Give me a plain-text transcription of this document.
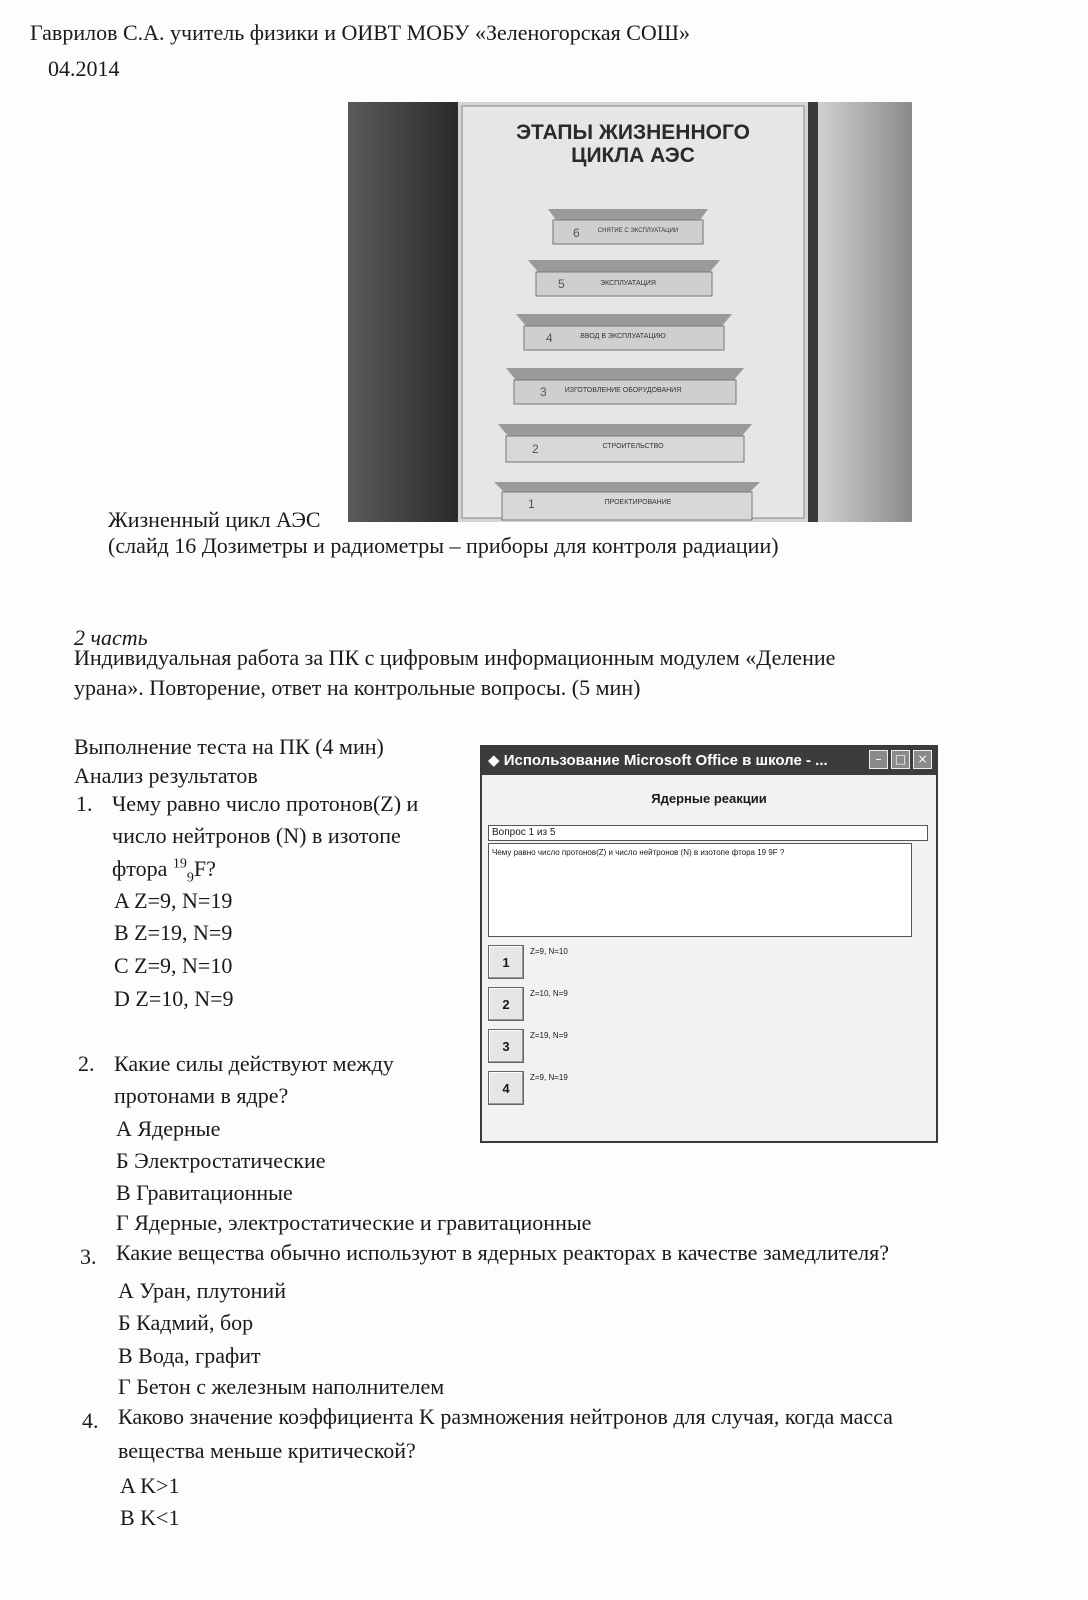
Гаврилов С.А. учитель физики и ОИВТ МОБУ «Зеленогорская СОШ»
04.2014
ЭТАПЫ ЖИЗНЕННОГО
ЦИКЛА АЭС
6	СНЯТИЕ С ЭКСПЛУАТАЦИИ
5	ЭКСПЛУАТАЦИЯ
4	ВВОД В ЭКСПЛУАТАЦИЮ
3	ИЗГОТОВЛЕНИЕ ОБОРУДОВАНИЯ
2	СТРОИТЕЛЬСТВО
1	ПРОЕКТИРОВАНИЕ
Жизненный цикл АЭС
(слайд 16 Дозиметры и радиометры – приборы для контроля радиации)
2 часть
Индивидуальная работа за ПК с цифровым информационным модулем «Деление
урана». Повторение, ответ на контрольные вопросы. (5 мин)
Выполнение теста на ПК (4 мин)
Анализ результатов
1. Чему равно число протонов(Z) и
число нейтронов (N) в изотопе
фтора $^{19}_9$F?
A Z=9, N=19
B Z=19, N=9
C Z=9, N=10
D Z=10, N=9
2. Какие силы действуют между
протонами в ядре?
А Ядерные
Б Электростатические
В Гравитационные
Г Ядерные, электростатические и гравитационные
3. Какие вещества обычно используют в ядерных реакторах в качестве замедлителя?
А Уран, плутоний
Б Кадмий, бор
В Вода, графит
Г Бетон с железным наполнителем
4. Каково значение коэффициента K размножения нейтронов для случая, когда масса
вещества меньше критической?
A K>1
B K<1
◆ Использование Microsoft Office в школе - ...	–	□ ×
Ядерные реакции
Вопрос 1 из 5
Чему равно число протонов(Z) и число нейтронов (N) в изотопе фтора 19 9F ?
1
Z=9, N=10
2
Z=10, N=9
3
Z=19, N=9
4
Z=9, N=19
